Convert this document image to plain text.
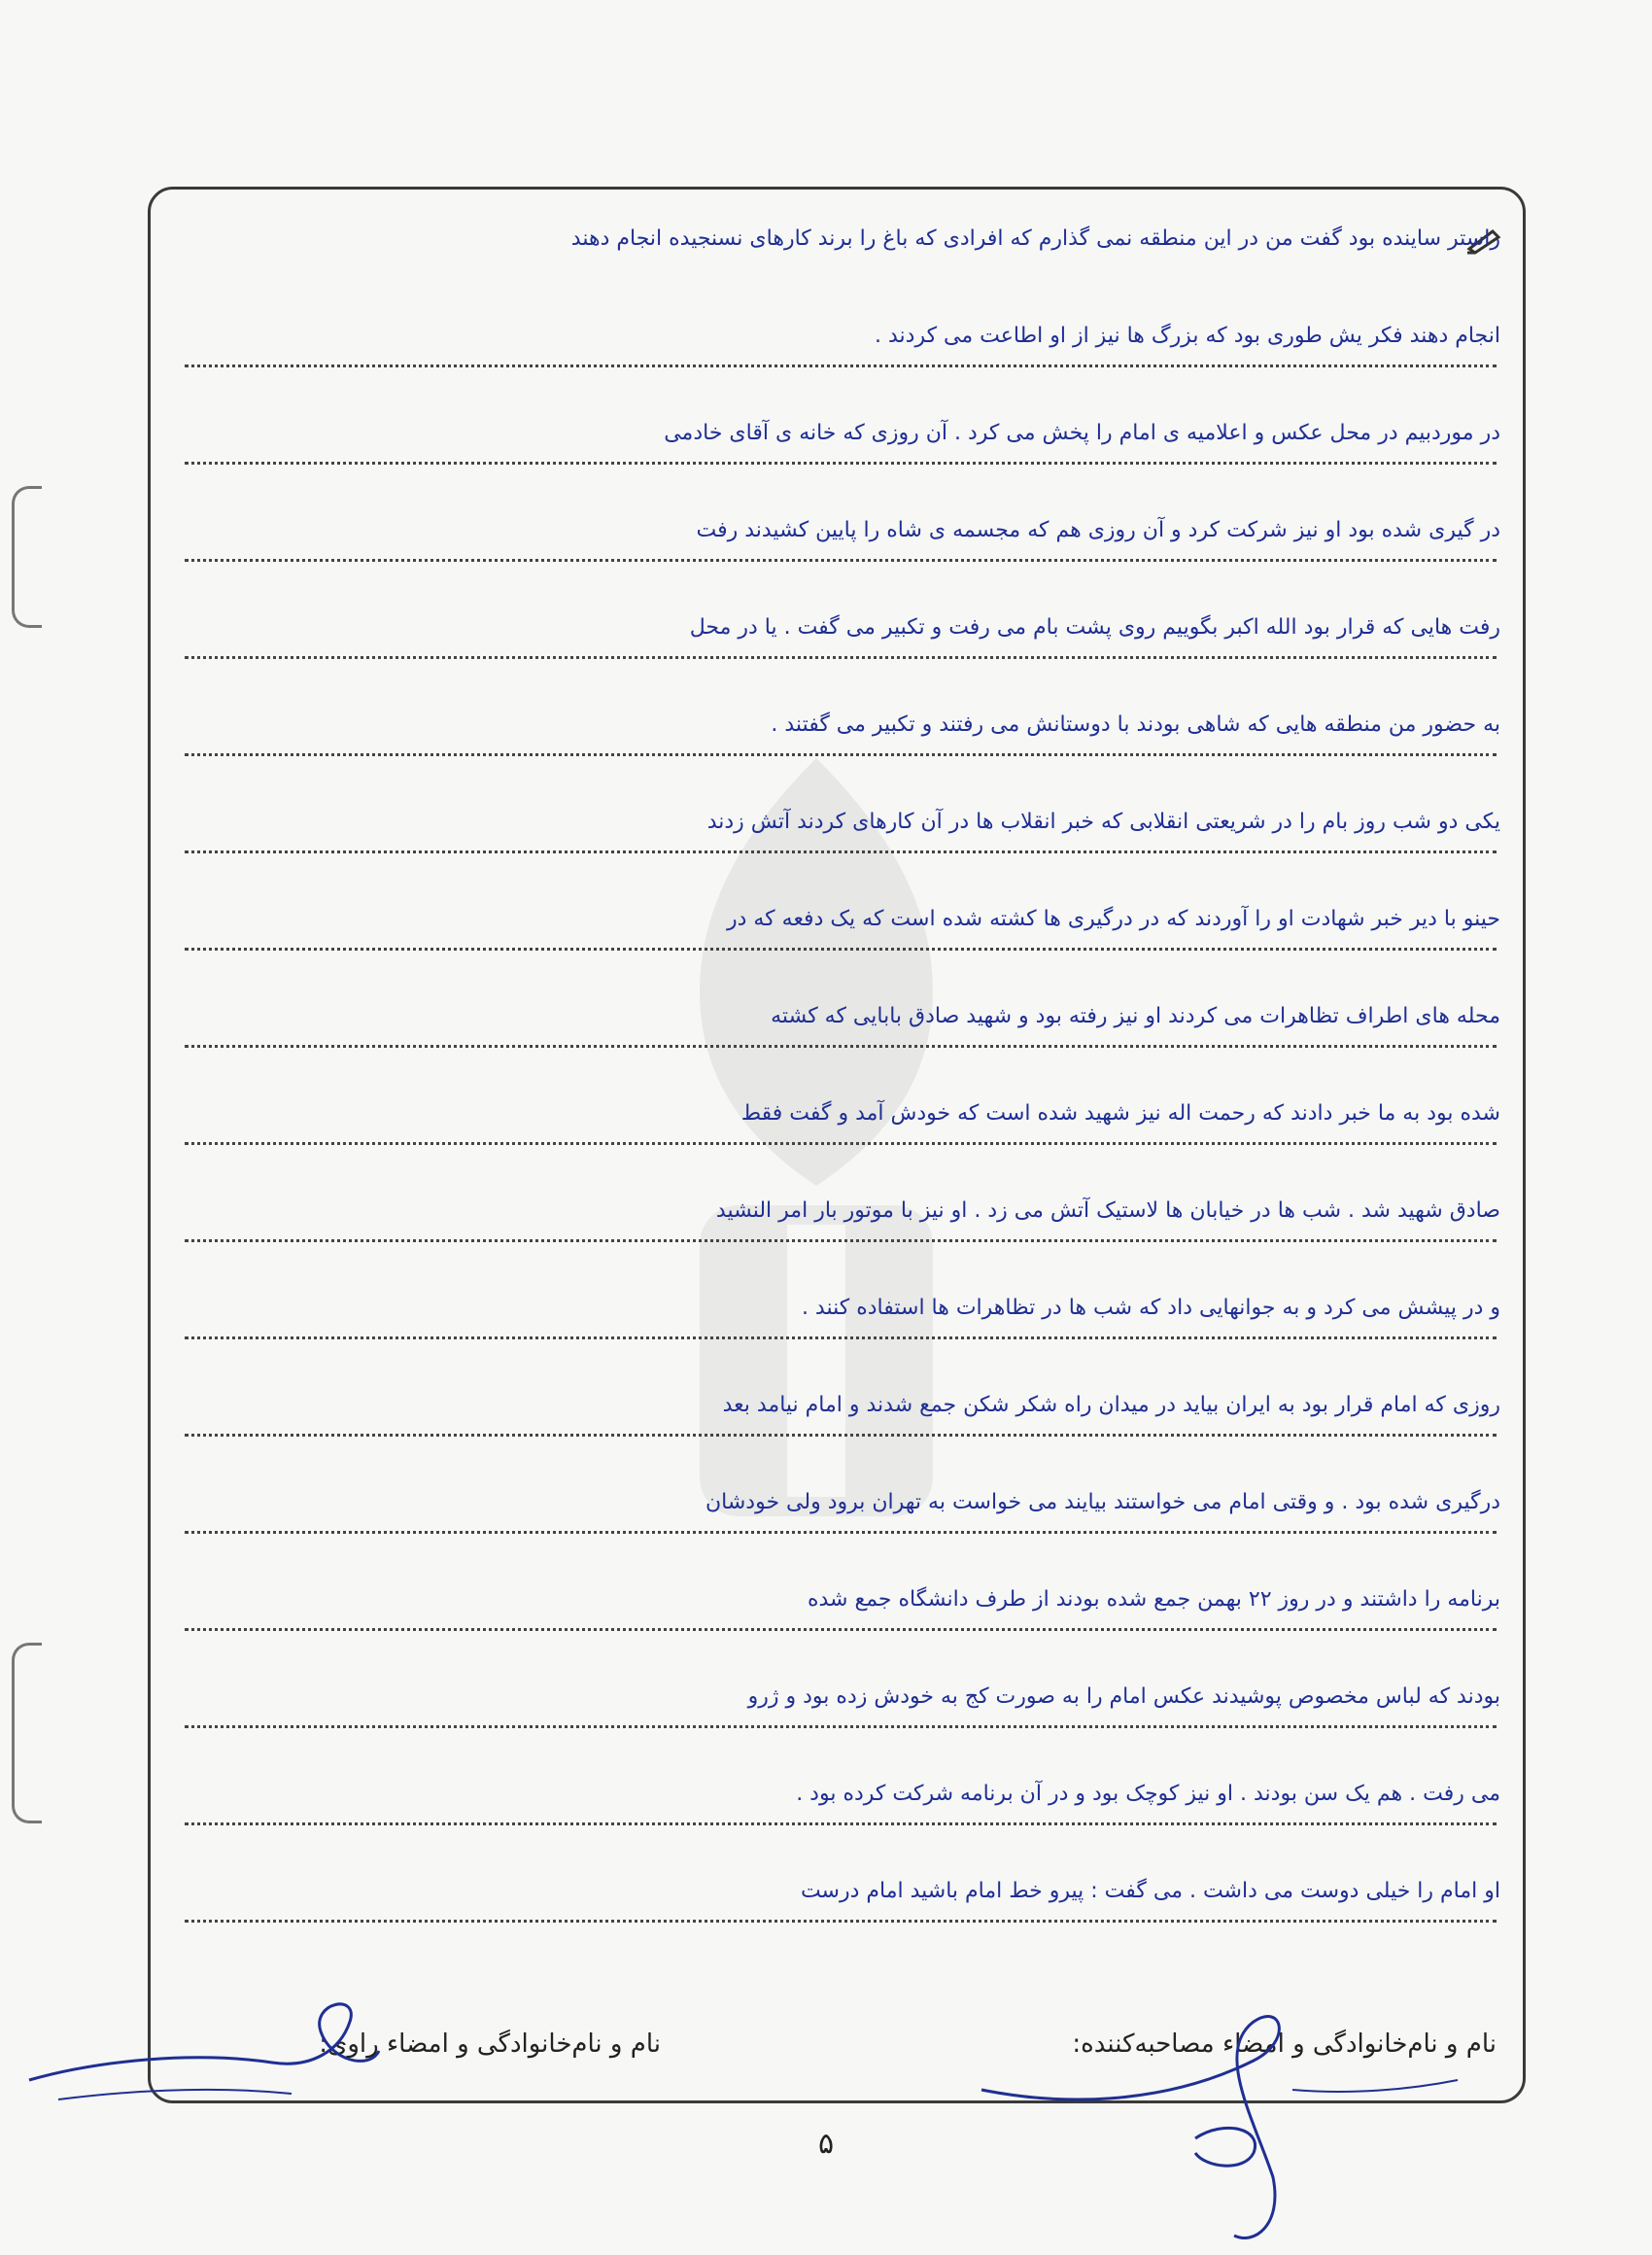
راستر ساینده بود گفت من در این منطقه نمی گذارم که افرادی که باغ را برند کارهای نسنجیده انجام دهند
انجام دهند فکر یش طوری بود که بزرگ ها نیز از او اطاعت می کردند .
در موردبیم در محل عکس و اعلامیه ی امام را پخش می کرد . آن روزی که خانه ی آقای خادمی
در گیری شده بود او نیز شرکت کرد و آن روزی هم که مجسمه ی شاه را پایین کشیدند رفت
رفت هایی که قرار بود الله اکبر بگوییم روی پشت بام می رفت و تکبیر می گفت . یا در محل
به حضور من منطقه هایی که شاهی بودند با دوستانش می رفتند و تکبیر می گفتند .
یکی دو شب روز بام را در شریعتی انقلابی که خبر انقلاب ها در آن کارهای کردند آتش زدند
حینو با دیر خبر شهادت او را آوردند که در درگیری ها کشته شده است که یک دفعه که در
محله های اطراف تظاهرات می کردند او نیز رفته بود و شهید صادق بابایی که کشته
شده بود به ما خبر دادند که رحمت اله نیز شهید شده است که خودش آمد و گفت فقط
صادق شهید شد . شب ها در خیابان ها لاستیک آتش می زد . او نیز با موتور بار امر النشید
و در پیشش می کرد و به جوانهایی داد که شب ها در تظاهرات ها استفاده کنند .
روزی که امام قرار بود به ایران بیاید در میدان راه شکر شکن جمع شدند و امام نیامد بعد
درگیری شده بود . و وقتی امام می خواستند بیایند می خواست به تهران برود ولی خودشان
برنامه را داشتند و در روز ۲۲ بهمن جمع شده بودند از طرف دانشگاه جمع شده
بودند که لباس مخصوص پوشیدند عکس امام را به صورت کج به خودش زده بود و ژرو
می رفت . هم یک سن بودند . او نیز کوچک بود و در آن برنامه شرکت کرده بود .
او امام را خیلی دوست می داشت . می گفت : پیرو خط امام باشید امام درست
نام و نام‌خانوادگی و امضاء مصاحبه‌کننده:
نام و نام‌خانوادگی و امضاء راوی:
۵
